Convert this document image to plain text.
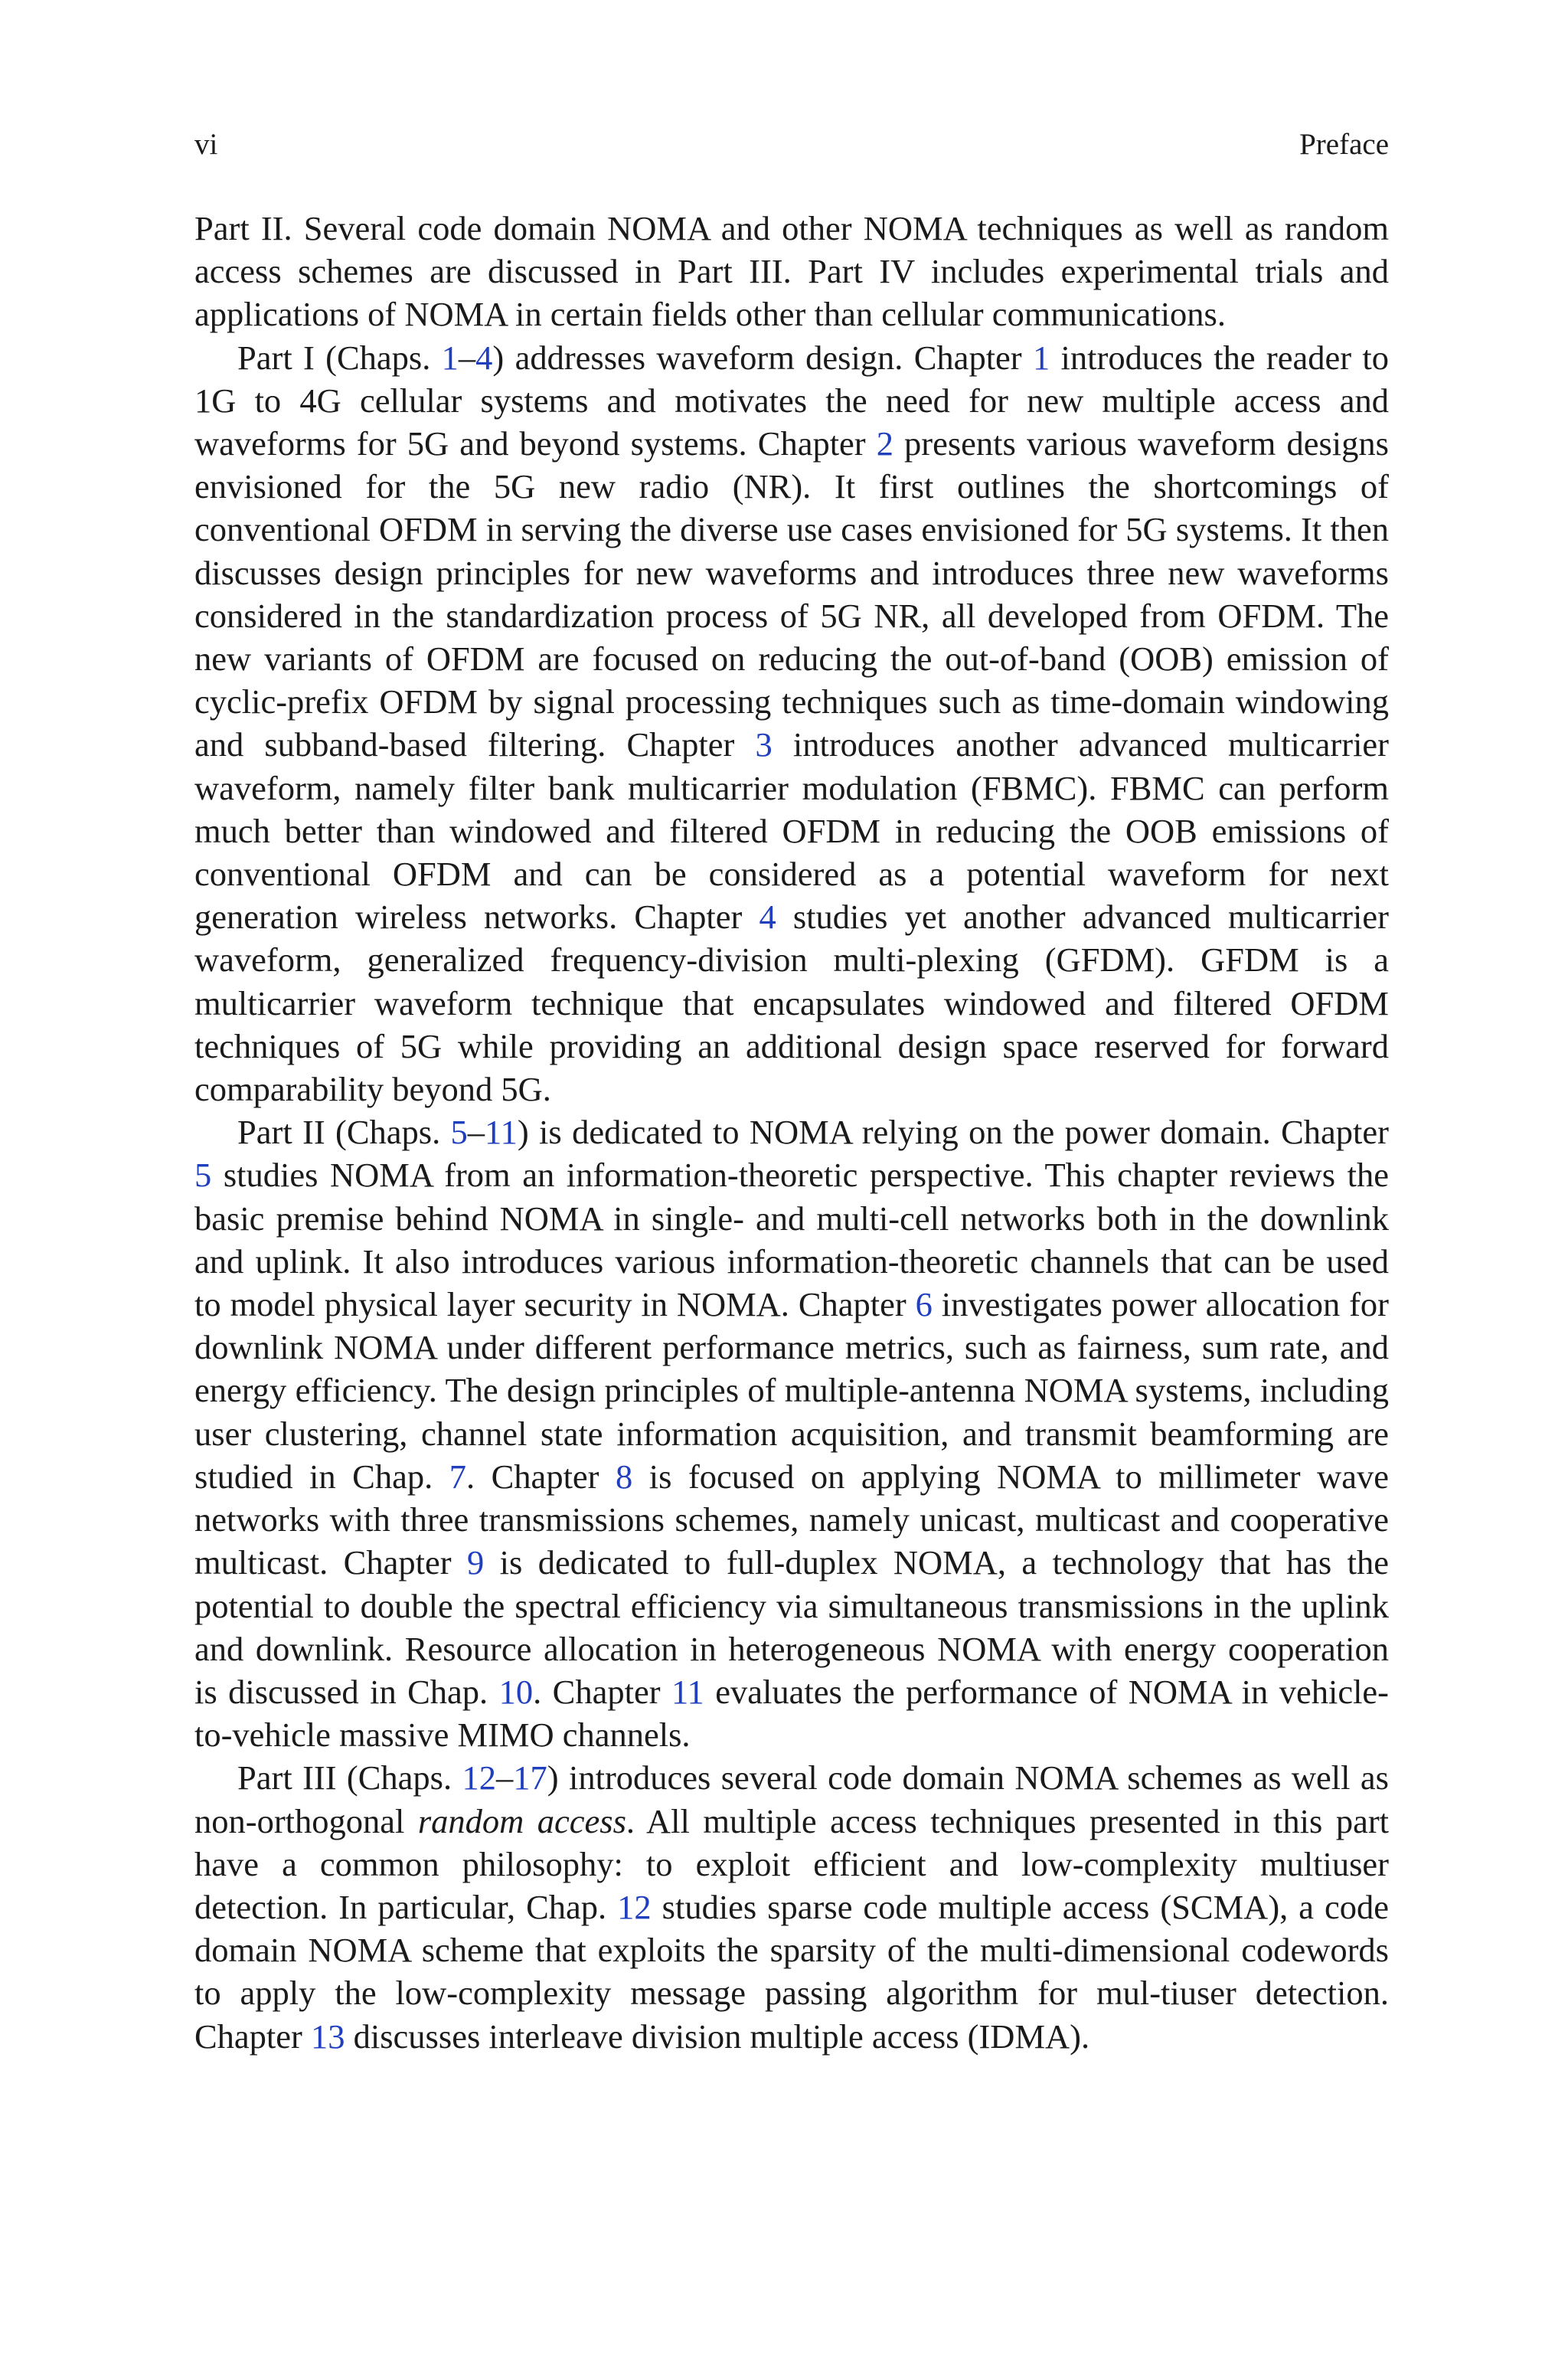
vi	Preface

Part II. Several code domain NOMA and other NOMA techniques as well as random access schemes are discussed in Part III. Part IV includes experimental trials and applications of NOMA in certain fields other than cellular communications.

Part I (Chaps. 1–4) addresses waveform design. Chapter 1 introduces the reader to 1G to 4G cellular systems and motivates the need for new multiple access and waveforms for 5G and beyond systems. Chapter 2 presents various waveform designs envisioned for the 5G new radio (NR). It first outlines the shortcomings of conventional OFDM in serving the diverse use cases envisioned for 5G systems. It then discusses design principles for new waveforms and introduces three new waveforms considered in the standardization process of 5G NR, all developed from OFDM. The new variants of OFDM are focused on reducing the out-of-band (OOB) emission of cyclic-prefix OFDM by signal processing techniques such as time-domain windowing and subband-based filtering. Chapter 3 introduces another advanced multicarrier waveform, namely filter bank multicarrier modulation (FBMC). FBMC can perform much better than windowed and filtered OFDM in reducing the OOB emissions of conventional OFDM and can be considered as a potential waveform for next generation wireless networks. Chapter 4 studies yet another advanced multicarrier waveform, generalized frequency-division multi-plexing (GFDM). GFDM is a multicarrier waveform technique that encapsulates windowed and filtered OFDM techniques of 5G while providing an additional design space reserved for forward comparability beyond 5G.

Part II (Chaps. 5–11) is dedicated to NOMA relying on the power domain. Chapter 5 studies NOMA from an information-theoretic perspective. This chapter reviews the basic premise behind NOMA in single- and multi-cell networks both in the downlink and uplink. It also introduces various information-theoretic channels that can be used to model physical layer security in NOMA. Chapter 6 investigates power allocation for downlink NOMA under different performance metrics, such as fairness, sum rate, and energy efficiency. The design principles of multiple-antenna NOMA systems, including user clustering, channel state information acquisition, and transmit beamforming are studied in Chap. 7. Chapter 8 is focused on applying NOMA to millimeter wave networks with three transmissions schemes, namely unicast, multicast and cooperative multicast. Chapter 9 is dedicated to full-duplex NOMA, a technology that has the potential to double the spectral efficiency via simultaneous transmissions in the uplink and downlink. Resource allocation in heterogeneous NOMA with energy cooperation is discussed in Chap. 10. Chapter 11 evaluates the performance of NOMA in vehicle-to-vehicle massive MIMO channels.

Part III (Chaps. 12–17) introduces several code domain NOMA schemes as well as non-orthogonal random access. All multiple access techniques presented in this part have a common philosophy: to exploit efficient and low-complexity multiuser detection. In particular, Chap. 12 studies sparse code multiple access (SCMA), a code domain NOMA scheme that exploits the sparsity of the multi-dimensional codewords to apply the low-complexity message passing algorithm for mul-tiuser detection. Chapter 13 discusses interleave division multiple access (IDMA).
